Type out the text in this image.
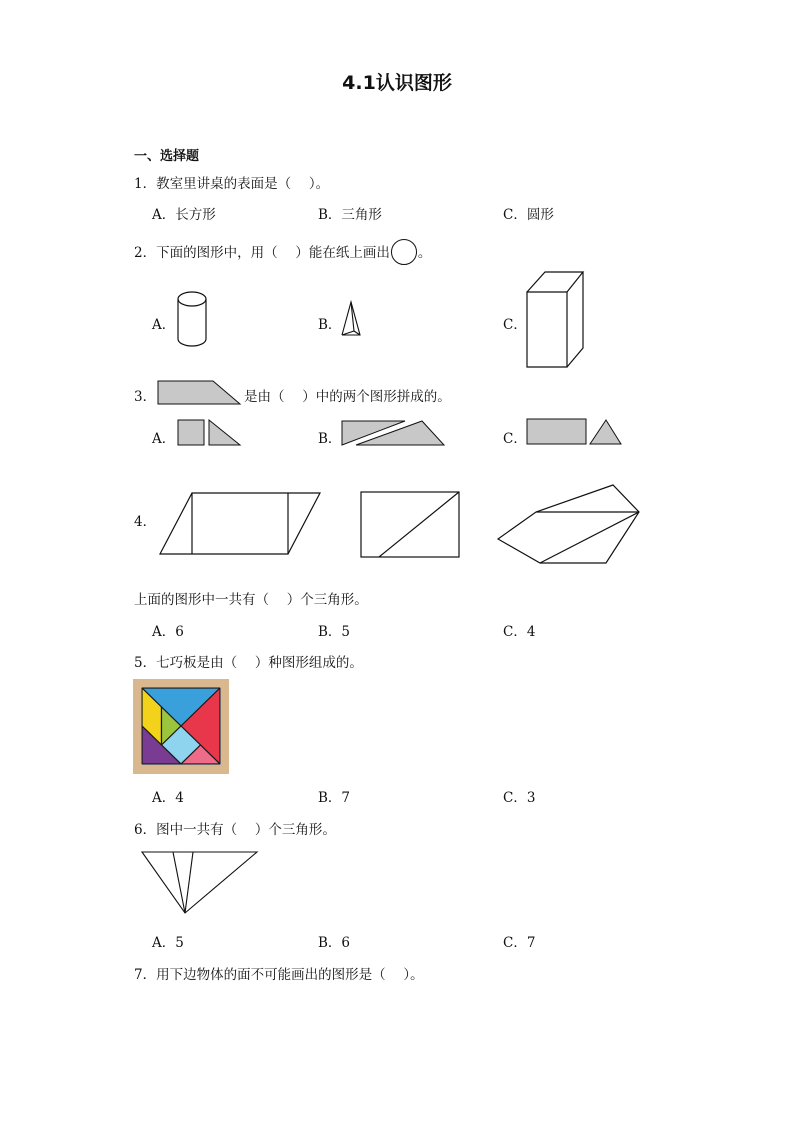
4.1认识图形
一、选择题
1．教室里讲桌的表面是（　 ）。
A．长方形	B．三角形	C．圆形
2．下面的图形中，用（　 ）能在纸上画出 。
A．	B．	C．
3．	是由（　 ）中的两个图形拼成的。
A．	B．	C．
4．
上面的图形中一共有（　 ）个三角形。
A．6	B．5	C．4
5．七巧板是由（　 ）种图形组成的。
A．4	B．7	C．3
6．图中一共有（　 ）个三角形。
A．5	B．6	C．7
7．用下边物体的面不可能画出的图形是（　 ）。
